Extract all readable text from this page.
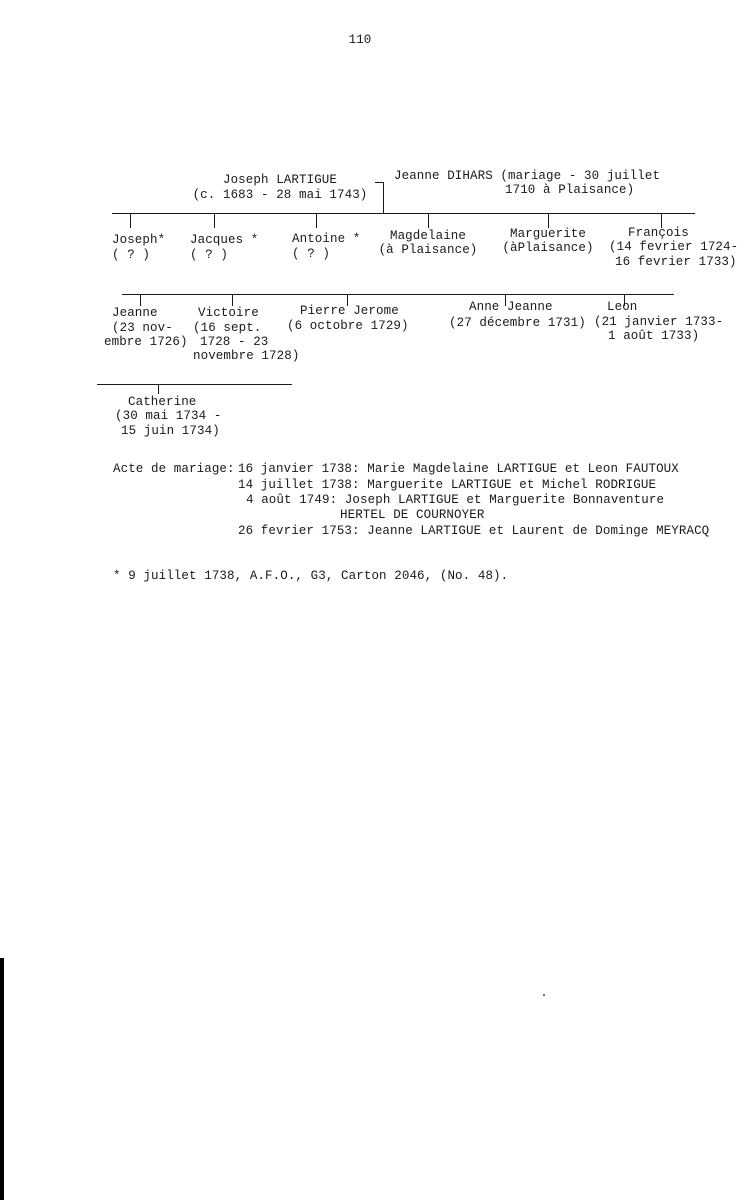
110
Joseph LARTIGUE
(c. 1683 - 28 mai 1743)
Jeanne DIHARS (mariage - 30 juillet
1710 à Plaisance)
Joseph*
( ? )
Jacques *
( ? )
Antoine *
( ? )
Magdelaine
(à Plaisance)
Marguerite
(àPlaisance)
François
(14 fevrier 1724-
16 fevrier 1733)
Jeanne
(23 nov-
embre 1726)
Victoire
(16 sept.
1728 - 23
novembre 1728)
Pierre Jerome
(6 octobre 1729)
Anne Jeanne
(27 décembre 1731)
Leon
(21 janvier 1733-
1 août 1733)
Catherine
(30 mai 1734 -
15 juin 1734)
Acte de mariage: 16 janvier 1738: Marie Magdelaine LARTIGUE et Leon FAUTOUX
14 juillet 1738: Marguerite LARTIGUE et Michel RODRIGUE
4 août 1749: Joseph LARTIGUE et Marguerite Bonnaventure
HERTEL DE COURNOYER
26 fevrier 1753: Jeanne LARTIGUE et Laurent de Dominge MEYRACQ
* 9 juillet 1738, A.F.O., G3, Carton 2046, (No. 48).
